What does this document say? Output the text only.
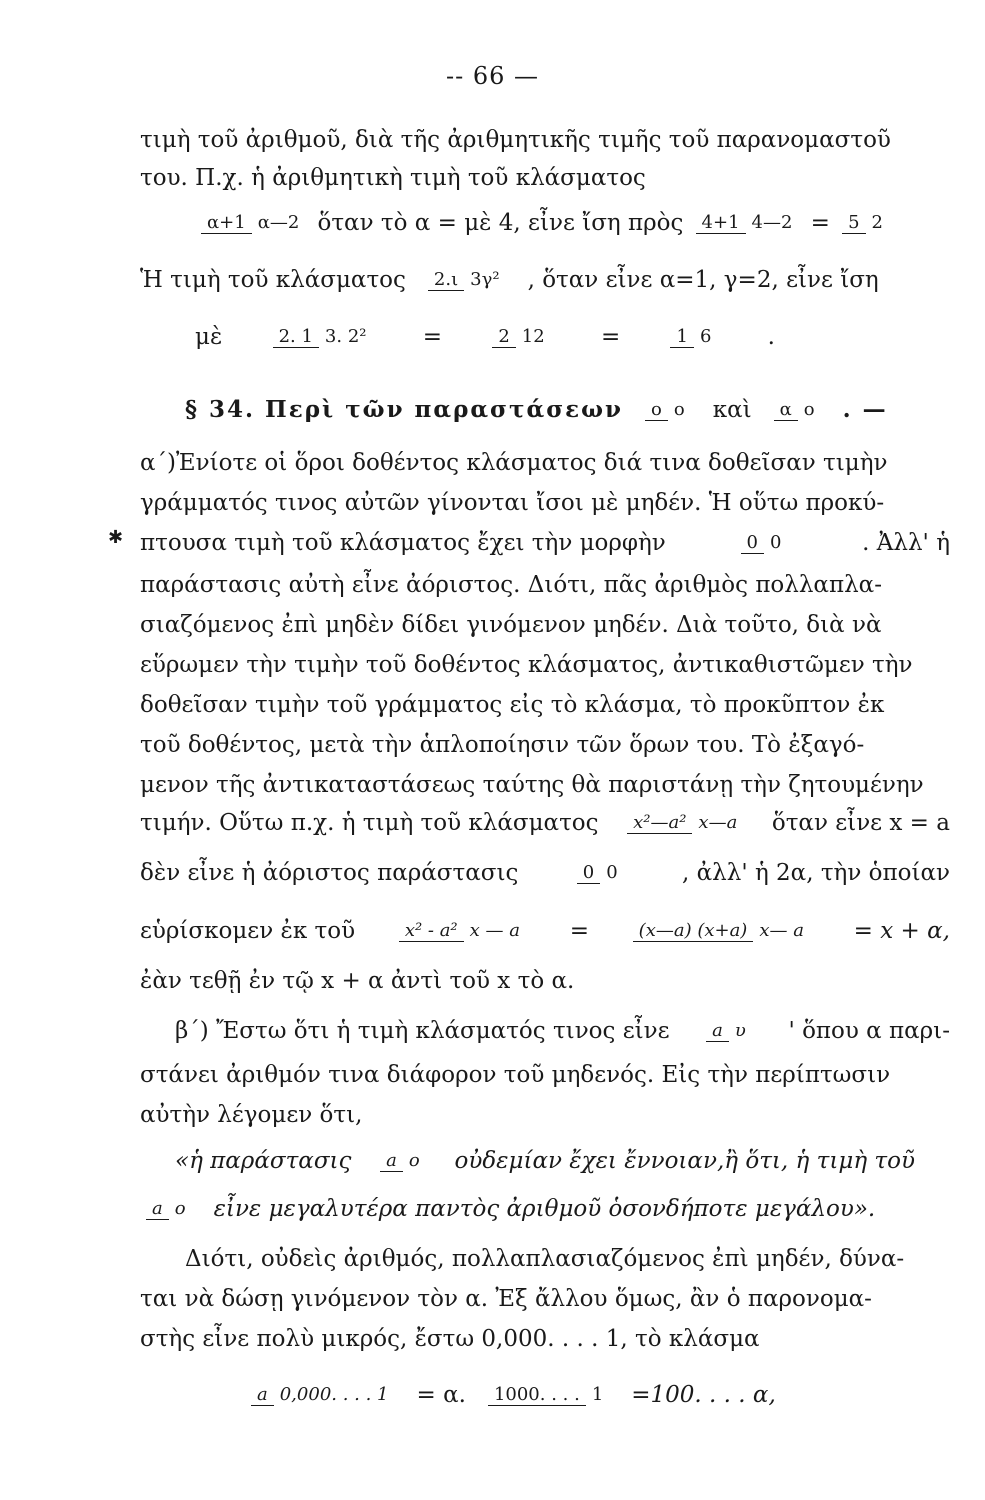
-- 66 —
τιμὴ τοῦ ἀριθμοῦ, διὰ τῆς ἀριθμητικῆς τιμῆς τοῦ παρανομαστοῦ
του. Π.χ. ἡ ἀριθμητικὴ τιμὴ τοῦ κλάσματος
α+1 α—2 ὅταν τὸ α = μὲ 4, εἶνε ἴση πρὸς	4+1 4—2 =	5 2
Ἡ τιμὴ τοῦ κλάσματος	2.ι 3γ² , ὅταν εἶνε α=1, γ=2, εἶνε ἴση
μὲ	2. 1 3. 2² =	2 12 =	1 6 .
§ 34. Περὶ τῶν παραστάσεων	ο ο καὶ	α ο . —
α΄)Ἐνίοτε οἱ ὅροι δοθέντος κλάσματος διά τινα δοθεῖσαν τιμὴν
γράμματός τινος αὐτῶν γίνονται ἴσοι μὲ μηδέν. Ἡ οὕτω προκύ-
✱ πτουσα τιμὴ τοῦ κλάσματος ἔχει τὴν μορφὴν	0 0	. Ἀλλ' ἡ
παράστασις αὐτὴ εἶνε ἀόριστος. Διότι, πᾶς ἀριθμὸς πολλαπλα-
σιαζόμενος ἐπὶ μηδὲν δίδει γινόμενον μηδέν. Διὰ τοῦτο, διὰ νὰ
εὕρωμεν τὴν τιμὴν τοῦ δοθέντος κλάσματος, ἀντικαθιστῶμεν τὴν
δοθεῖσαν τιμὴν τοῦ γράμματος εἰς τὸ κλάσμα, τὸ προκῦπτον ἐκ
τοῦ δοθέντος, μετὰ τὴν ἁπλοποίησιν τῶν ὅρων του. Τὸ ἐξαγό-
μενον τῆς ἀντικαταστάσεως ταύτης θὰ παριστάνῃ τὴν ζητουμένην
τιμήν. Οὕτω π.χ. ἡ τιμὴ τοῦ κλάσματος	x²—a² x—a ὅταν εἶνε x = a
δὲν εἶνε ἡ ἀόριστος παράστασις	0 0	, ἀλλ' ἡ 2α, τὴν ὁποίαν
εὑρίσκομεν ἐκ τοῦ	x² - a² x — a =	(x—a) (x+a) x— a = x + α,
ἐὰν τεθῇ ἐν τῷ x + α ἀντὶ τοῦ x τὸ α.
β΄) Ἔστω ὅτι ἡ τιμὴ κλάσματός τινος εἶνε	a υ ' ὅπου α παρι-
στάνει ἀριθμόν τινα διάφορον τοῦ μηδενός. Εἰς τὴν περίπτωσιν
αὐτὴν λέγομεν ὅτι,
«ἡ παράστασις	a o οὐδεμίαν ἔχει ἔννοιαν,ἢ ὅτι, ἡ τιμὴ τοῦ
a o εἶνε μεγαλυτέρα παντὸς ἀριθμοῦ ὁσονδήποτε μεγάλου».
Διότι, οὐδεὶς ἀριθμός, πολλαπλασιαζόμενος ἐπὶ μηδέν, δύνα-
ται νὰ δώσῃ γινόμενον τὸν α. Ἐξ ἄλλου ὅμως, ἂν ὁ παρονομα-
στὴς εἶνε πολὺ μικρός, ἔστω 0,000. . . . 1, τὸ κλάσμα
a 0,000. . . . 1 = α.	1000. . . . 1 =100. . . . α,
